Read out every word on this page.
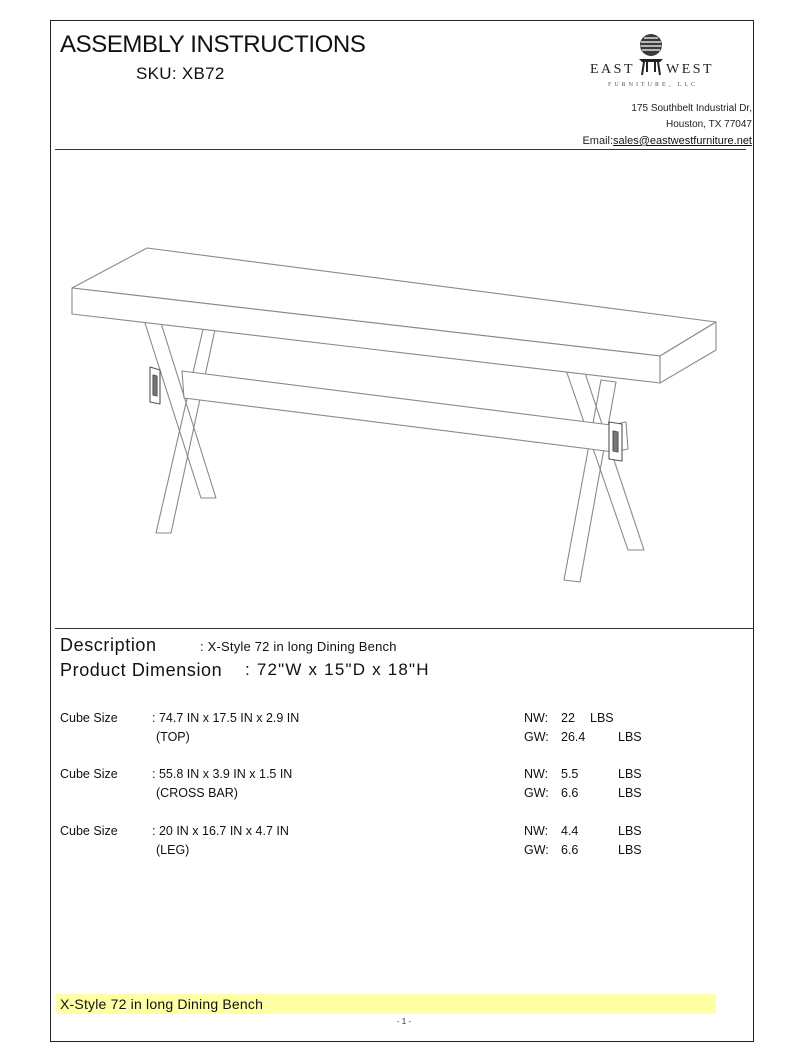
ASSEMBLY INSTRUCTIONS
SKU: XB72	EAST WEST
FURNITURE, LLC
175 Southbelt Industrial Dr,
Houston, TX 77047
Email:sales@eastwestfurniture.net
Description	: X-Style 72 in long Dining Bench
Product Dimension : 72"W x 15"D x 18"H
Cube Size	: 74.7 IN x 17.5 IN x 2.9 IN
(TOP)
NW: 22 LBS
GW: 26.4	LBS
Cube Size	: 55.8 IN x 3.9 IN x 1.5 IN
(CROSS BAR)
NW: 5.5	LBS
GW: 6.6	LBS
Cube Size	: 20 IN x 16.7 IN x 4.7 IN
(LEG)
NW: 4.4	LBS
GW: 6.6	LBS
X-Style 72 in long Dining Bench
- 1 -
